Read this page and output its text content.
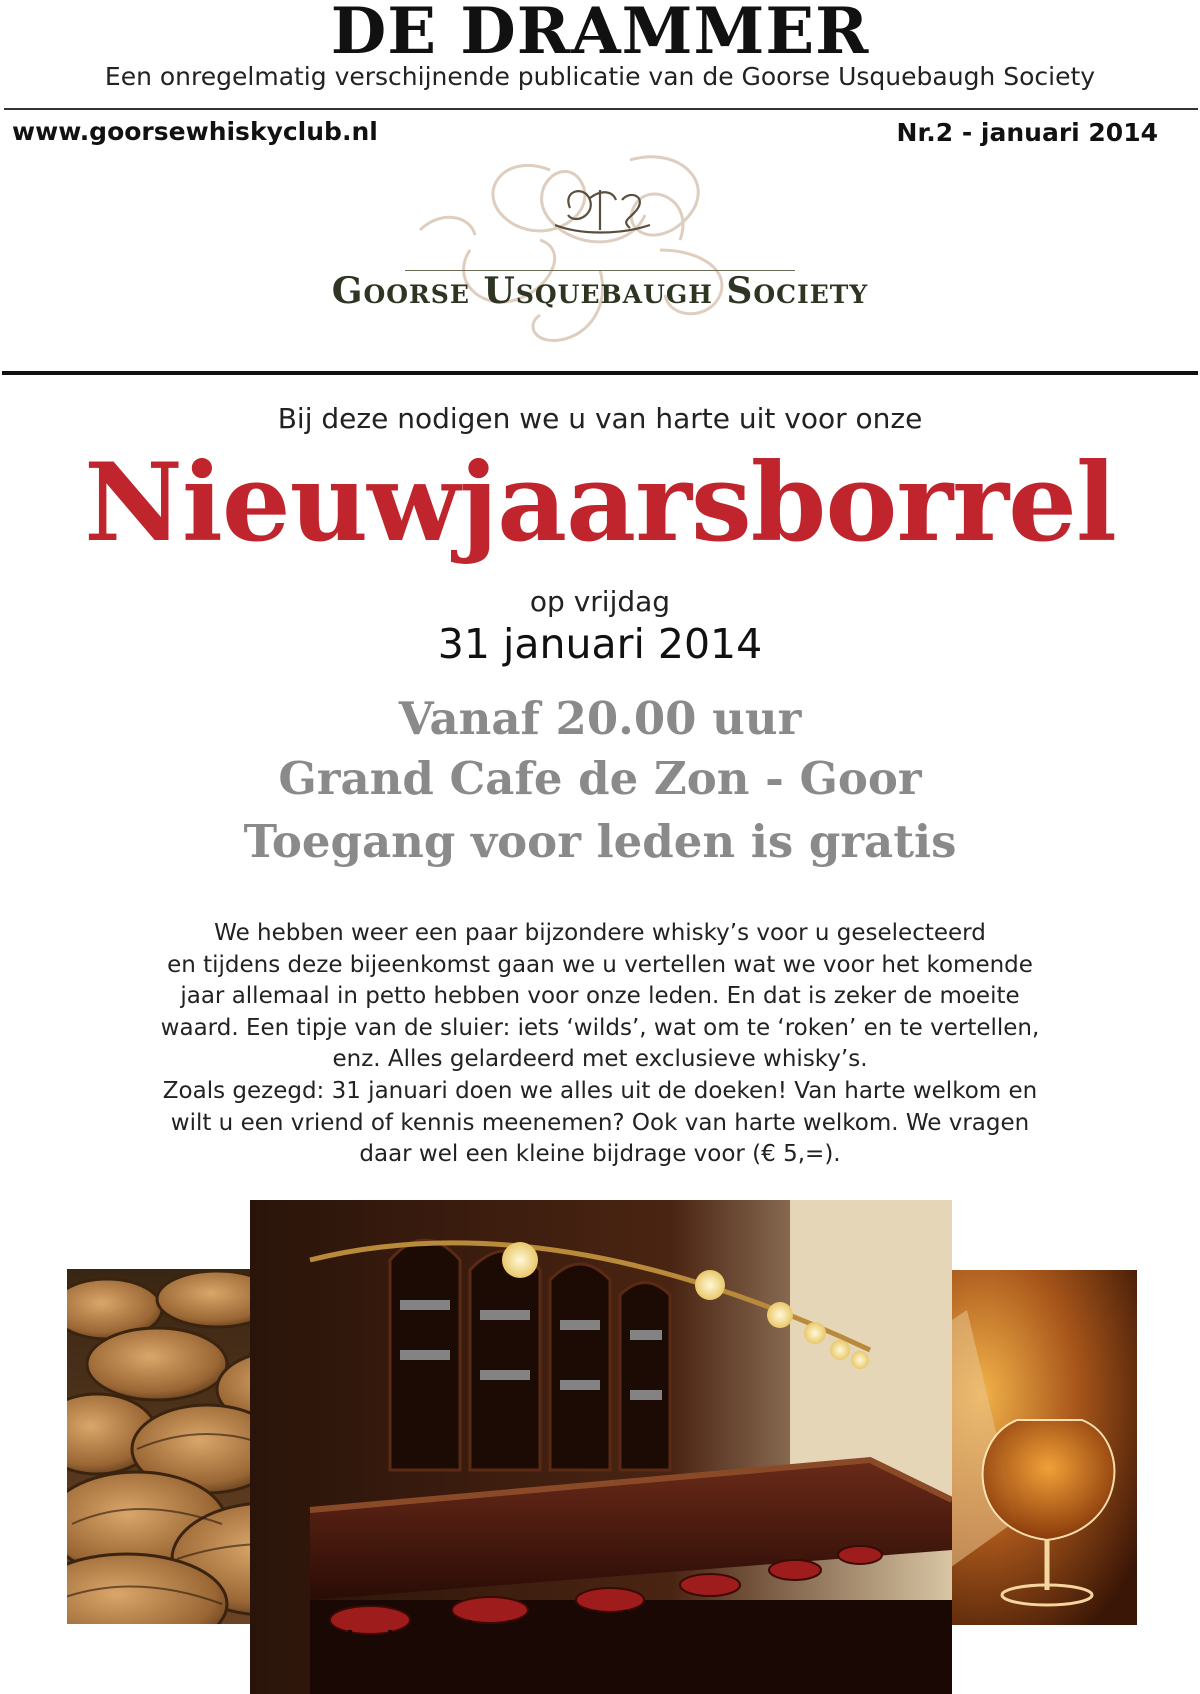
DE DRAMMER
Een onregelmatig verschijnende publicatie van de Goorse Usquebaugh Society
www.goorsewhiskyclub.nl	Nr.2 - januari 2014
Goorse Usquebaugh Society
Bij deze nodigen we u van harte uit voor onze
Nieuwjaarsborrel
op vrijdag
31 januari 2014
Vanaf 20.00 uur
Grand Cafe de Zon - Goor
Toegang voor leden is gratis
We hebben weer een paar bijzondere whisky’s voor u geselecteerd
en tijdens deze bijeenkomst gaan we u vertellen wat we voor het komende
jaar allemaal in petto hebben voor onze leden. En dat is zeker de moeite
waard. Een tipje van de sluier: iets ‘wilds’, wat om te ‘roken’ en te vertellen,
enz. Alles gelardeerd met exclusieve whisky’s.
Zoals gezegd: 31 januari doen we alles uit de doeken! Van harte welkom en
wilt u een vriend of kennis meenemen? Ook van harte welkom. We vragen
daar wel een kleine bijdrage voor (€ 5,=).
